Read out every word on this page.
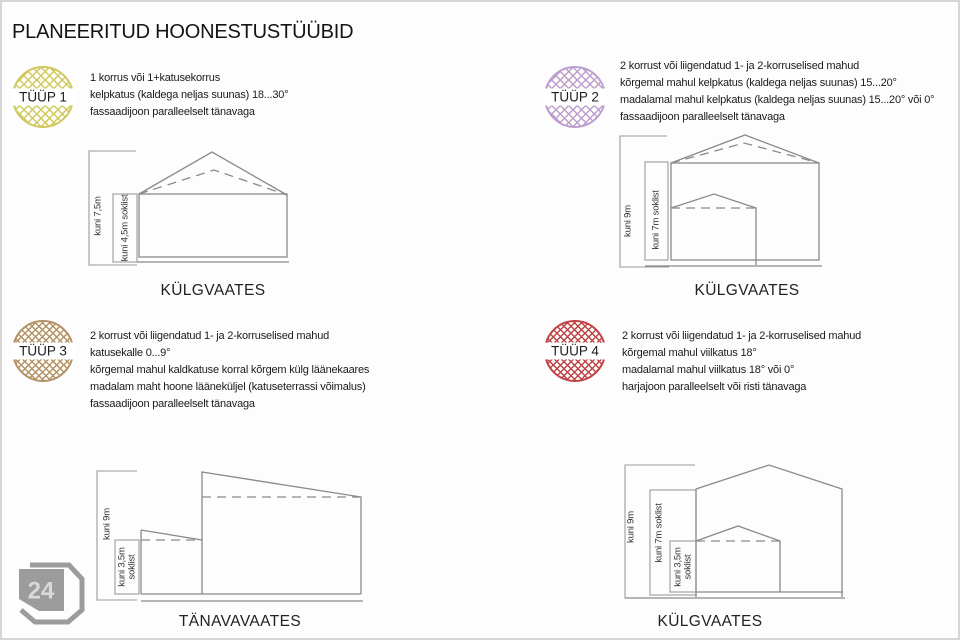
PLANEERITUD HOONESTUSTÜÜBID
TÜÜP 1
1 korrus või 1+katusekorrus
kelpkatus (kaldega neljas suunas) 18...30°
fassaadijoon paralleelselt tänavaga
TÜÜP 2
2 korrust või liigendatud 1- ja 2-korruselised mahud
kõrgemal mahul kelpkatus (kaldega neljas suunas) 15...20°
madalamal mahul kelpkatus (kaldega neljas suunas) 15...20° või 0°
fassaadijoon paralleelselt tänavaga
TÜÜP 3
2 korrust või liigendatud 1- ja 2-korruselised mahud
katusekalle 0...9°
kõrgemal mahul kaldkatuse korral kõrgem külg läänekaares
madalam maht hoone lääneküljel (katuseterrassi võimalus)
fassaadijoon paralleelselt tänavaga
TÜÜP 4
2 korrust või liigendatud 1- ja 2-korruselised mahud
kõrgemal mahul viilkatus 18°
madalamal mahul viilkatus 18° või 0°
harjajoon paralleelselt või risti tänavaga
kuni 7,5m kuni 4,5m soklist
KÜLGVAATES
kuni 9m kuni 7m soklist
KÜLGVAATES
kuni 9m
kuni 3,5m soklist
TÄNAVAVAATES
kuni 9m kuni 7m soklist
kuni 3,5m soklist
KÜLGVAATES
24
